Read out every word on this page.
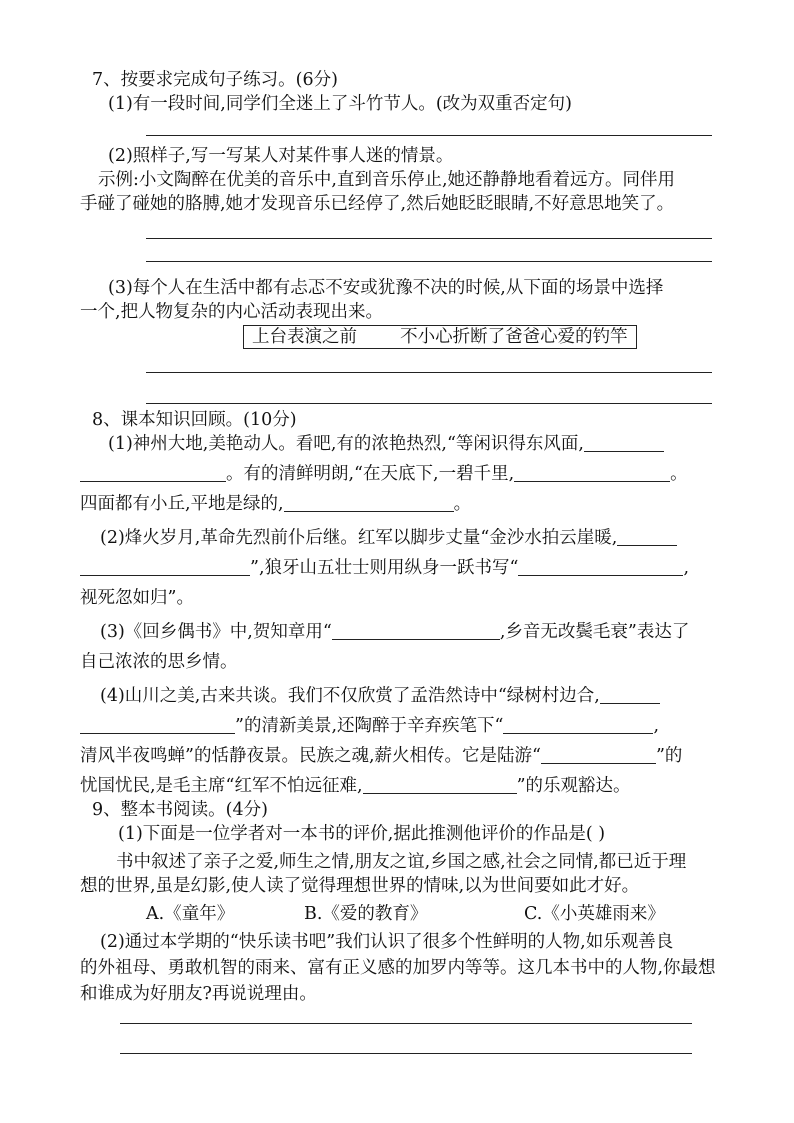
7、按要求完成句子练习。(6分)
(1)有一段时间,同学们全迷上了斗竹节人。(改为双重否定句)
(2)照样子,写一写某人对某件事人迷的情景。
示例:小文陶醉在优美的音乐中,直到音乐停止,她还静静地看着远方。同伴用
手碰了碰她的胳膊,她才发现音乐已经停了,然后她眨眨眼睛,不好意思地笑了。
(3)每个人在生活中都有忐忑不安或犹豫不决的时候,从下面的场景中选择
一个,把人物复杂的内心活动表现出来。
上台表演之前 不小心折断了爸爸心爱的钓竿
8、课本知识回顾。(10分)
(1)神州大地,美艳动人。看吧,有的浓艳热烈,“等闲识得东风面,
。有的清鲜明朗,“在天底下,一碧千里,	。
四面都有小丘,平地是绿的,	。
(2)烽火岁月,革命先烈前仆后继。红军以脚步丈量“金沙水拍云崖暖,
”,狼牙山五壮士则用纵身一跃书写“	,
视死忽如归”。
(3)《回乡偶书》中,贺知章用“	,乡音无改鬓毛衰”表达了
自己浓浓的思乡情。
(4)山川之美,古来共谈。我们不仅欣赏了孟浩然诗中“绿树村边合,
”的清新美景,还陶醉于辛弃疾笔下“	,
清风半夜鸣蝉”的恬静夜景。民族之魂,薪火相传。它是陆游“	”的
忧国忧民,是毛主席“红军不怕远征难,	”的乐观豁达。
9、整本书阅读。(4分)
(1)下面是一位学者对一本书的评价,据此推测他评价的作品是( )
书中叙述了亲子之爱,师生之情,朋友之谊,乡国之感,社会之同情,都已近于理
想的世界,虽是幻影,使人读了觉得理想世界的情味,以为世间要如此才好。
A.《童年》	B.《爱的教育》	C.《小英雄雨来》
(2)通过本学期的“快乐读书吧”我们认识了很多个性鲜明的人物,如乐观善良
的外祖母、勇敢机智的雨来、富有正义感的加罗内等等。这几本书中的人物,你最想
和谁成为好朋友?再说说理由。
